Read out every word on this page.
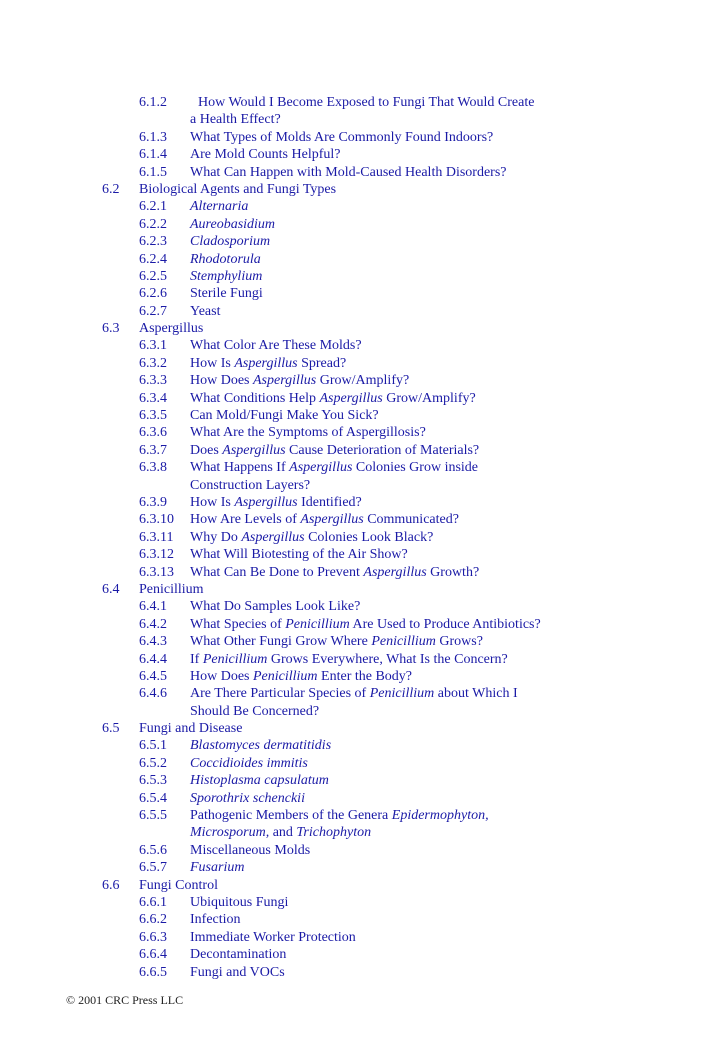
6.1.2 How Would I Become Exposed to Fungi That Would Create
a Health Effect?
6.1.3 What Types of Molds Are Commonly Found Indoors?
6.1.4 Are Mold Counts Helpful?
6.1.5 What Can Happen with Mold-Caused Health Disorders?
6.2 Biological Agents and Fungi Types
6.2.1 Alternaria
6.2.2 Aureobasidium
6.2.3 Cladosporium
6.2.4 Rhodotorula
6.2.5 Stemphylium
6.2.6 Sterile Fungi
6.2.7 Yeast
6.3 Aspergillus
6.3.1 What Color Are These Molds?
6.3.2 How Is Aspergillus Spread?
6.3.3 How Does Aspergillus Grow/Amplify?
6.3.4 What Conditions Help Aspergillus Grow/Amplify?
6.3.5 Can Mold/Fungi Make You Sick?
6.3.6 What Are the Symptoms of Aspergillosis?
6.3.7 Does Aspergillus Cause Deterioration of Materials?
6.3.8 What Happens If Aspergillus Colonies Grow inside
Construction Layers?
6.3.9 How Is Aspergillus Identified?
6.3.10 How Are Levels of Aspergillus Communicated?
6.3.11 Why Do Aspergillus Colonies Look Black?
6.3.12 What Will Biotesting of the Air Show?
6.3.13 What Can Be Done to Prevent Aspergillus Growth?
6.4 Penicillium
6.4.1 What Do Samples Look Like?
6.4.2 What Species of Penicillium Are Used to Produce Antibiotics?
6.4.3 What Other Fungi Grow Where Penicillium Grows?
6.4.4 If Penicillium Grows Everywhere, What Is the Concern?
6.4.5 How Does Penicillium Enter the Body?
6.4.6 Are There Particular Species of Penicillium about Which I
Should Be Concerned?
6.5 Fungi and Disease
6.5.1 Blastomyces dermatitidis
6.5.2 Coccidioides immitis
6.5.3 Histoplasma capsulatum
6.5.4 Sporothrix schenckii
6.5.5 Pathogenic Members of the Genera Epidermophyton,
Microsporum, and Trichophyton
6.5.6 Miscellaneous Molds
6.5.7 Fusarium
6.6 Fungi Control
6.6.1 Ubiquitous Fungi
6.6.2 Infection
6.6.3 Immediate Worker Protection
6.6.4 Decontamination
6.6.5 Fungi and VOCs
© 2001 CRC Press LLC
